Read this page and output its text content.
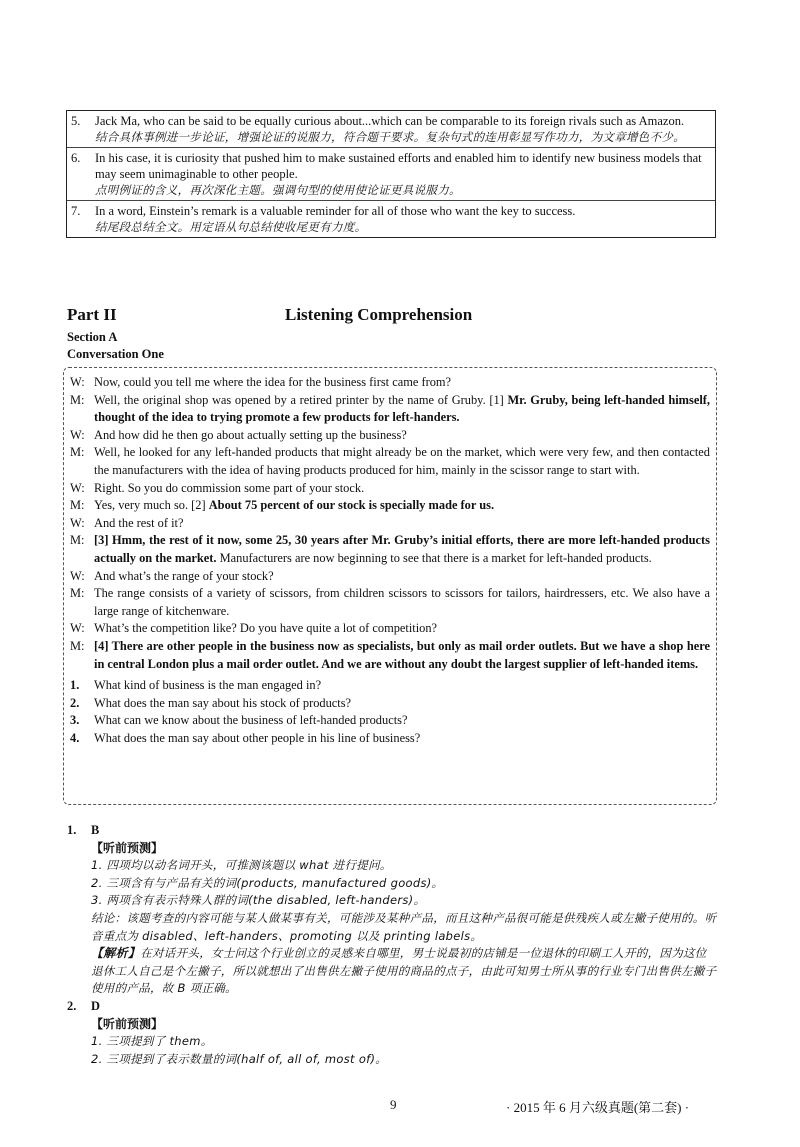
5.	Jack Ma, who can be said to be equally curious about...which can be comparable to its foreign rivals such as Amazon.
结合具体事例进一步论证，增强论证的说服力，符合题干要求。复杂句式的连用彰显写作功力，为文章增色不少。
6.	In his case, it is curiosity that pushed him to make sustained efforts and enabled him to identify new business models that may seem unimaginable to other people.
点明例证的含义，再次深化主题。强调句型的使用使论证更具说服力。
7.	In a word, Einstein’s remark is a valuable reminder for all of those who want the key to success.
结尾段总结全文。用定语从句总结使收尾更有力度。
Part II	Listening Comprehension
Section A
Conversation One
W: Now, could you tell me where the idea for the business first came from?
M: Well, the original shop was opened by a retired printer by the name of Gruby. [1] Mr. Gruby, being left-handed himself, thought of the idea to trying promote a few products for left-handers.
W: And how did he then go about actually setting up the business?
M: Well, he looked for any left-handed products that might already be on the market, which were very few, and then contacted the manufacturers with the idea of having products produced for him, mainly in the scissor range to start with.
W: Right. So you do commission some part of your stock.
M: Yes, very much so. [2] About 75 percent of our stock is specially made for us.
W: And the rest of it?
M: [3] Hmm, the rest of it now, some 25, 30 years after Mr. Gruby’s initial efforts, there are more left-handed products actually on the market. Manufacturers are now beginning to see that there is a market for left-handed products.
W: And what’s the range of your stock?
M: The range consists of a variety of scissors, from children scissors to scissors for tailors, hairdressers, etc. We also have a large range of kitchenware.
W: What’s the competition like? Do you have quite a lot of competition?
M: [4] There are other people in the business now as specialists, but only as mail order outlets. But we have a shop here in central London plus a mail order outlet. And we are without any doubt the largest supplier of left-handed items.
1.	What kind of business is the man engaged in?
2.	What does the man say about his stock of products?
3.	What can we know about the business of left-handed products?
4.	What does the man say about other people in his line of business?
1.	B
【听前预测】
1. 四项均以动名词开头，可推测该题以 what 进行提问。
2. 三项含有与产品有关的词(products, manufactured goods)。
3. 两项含有表示特殊人群的词(the disabled, left-handers)。
结论：该题考查的内容可能与某人做某事有关，可能涉及某种产品，而且这种产品很可能是供残疾人或左撇子使用的。听音重点为 disabled、left-handers、promoting 以及 printing labels。
【解析】在对话开头，女士问这个行业创立的灵感来自哪里，男士说最初的店铺是一位退休的印刷工人开的，因为这位退休工人自己是个左撇子，所以就想出了出售供左撇子使用的商品的点子，由此可知男士所从事的行业专门出售供左撇子使用的产品，故 B 项正确。
2.	D
【听前预测】
1. 三项提到了 them。
2. 三项提到了表示数量的词(half of, all of, most of)。
9	· 2015 年 6 月六级真题(第二套) ·
